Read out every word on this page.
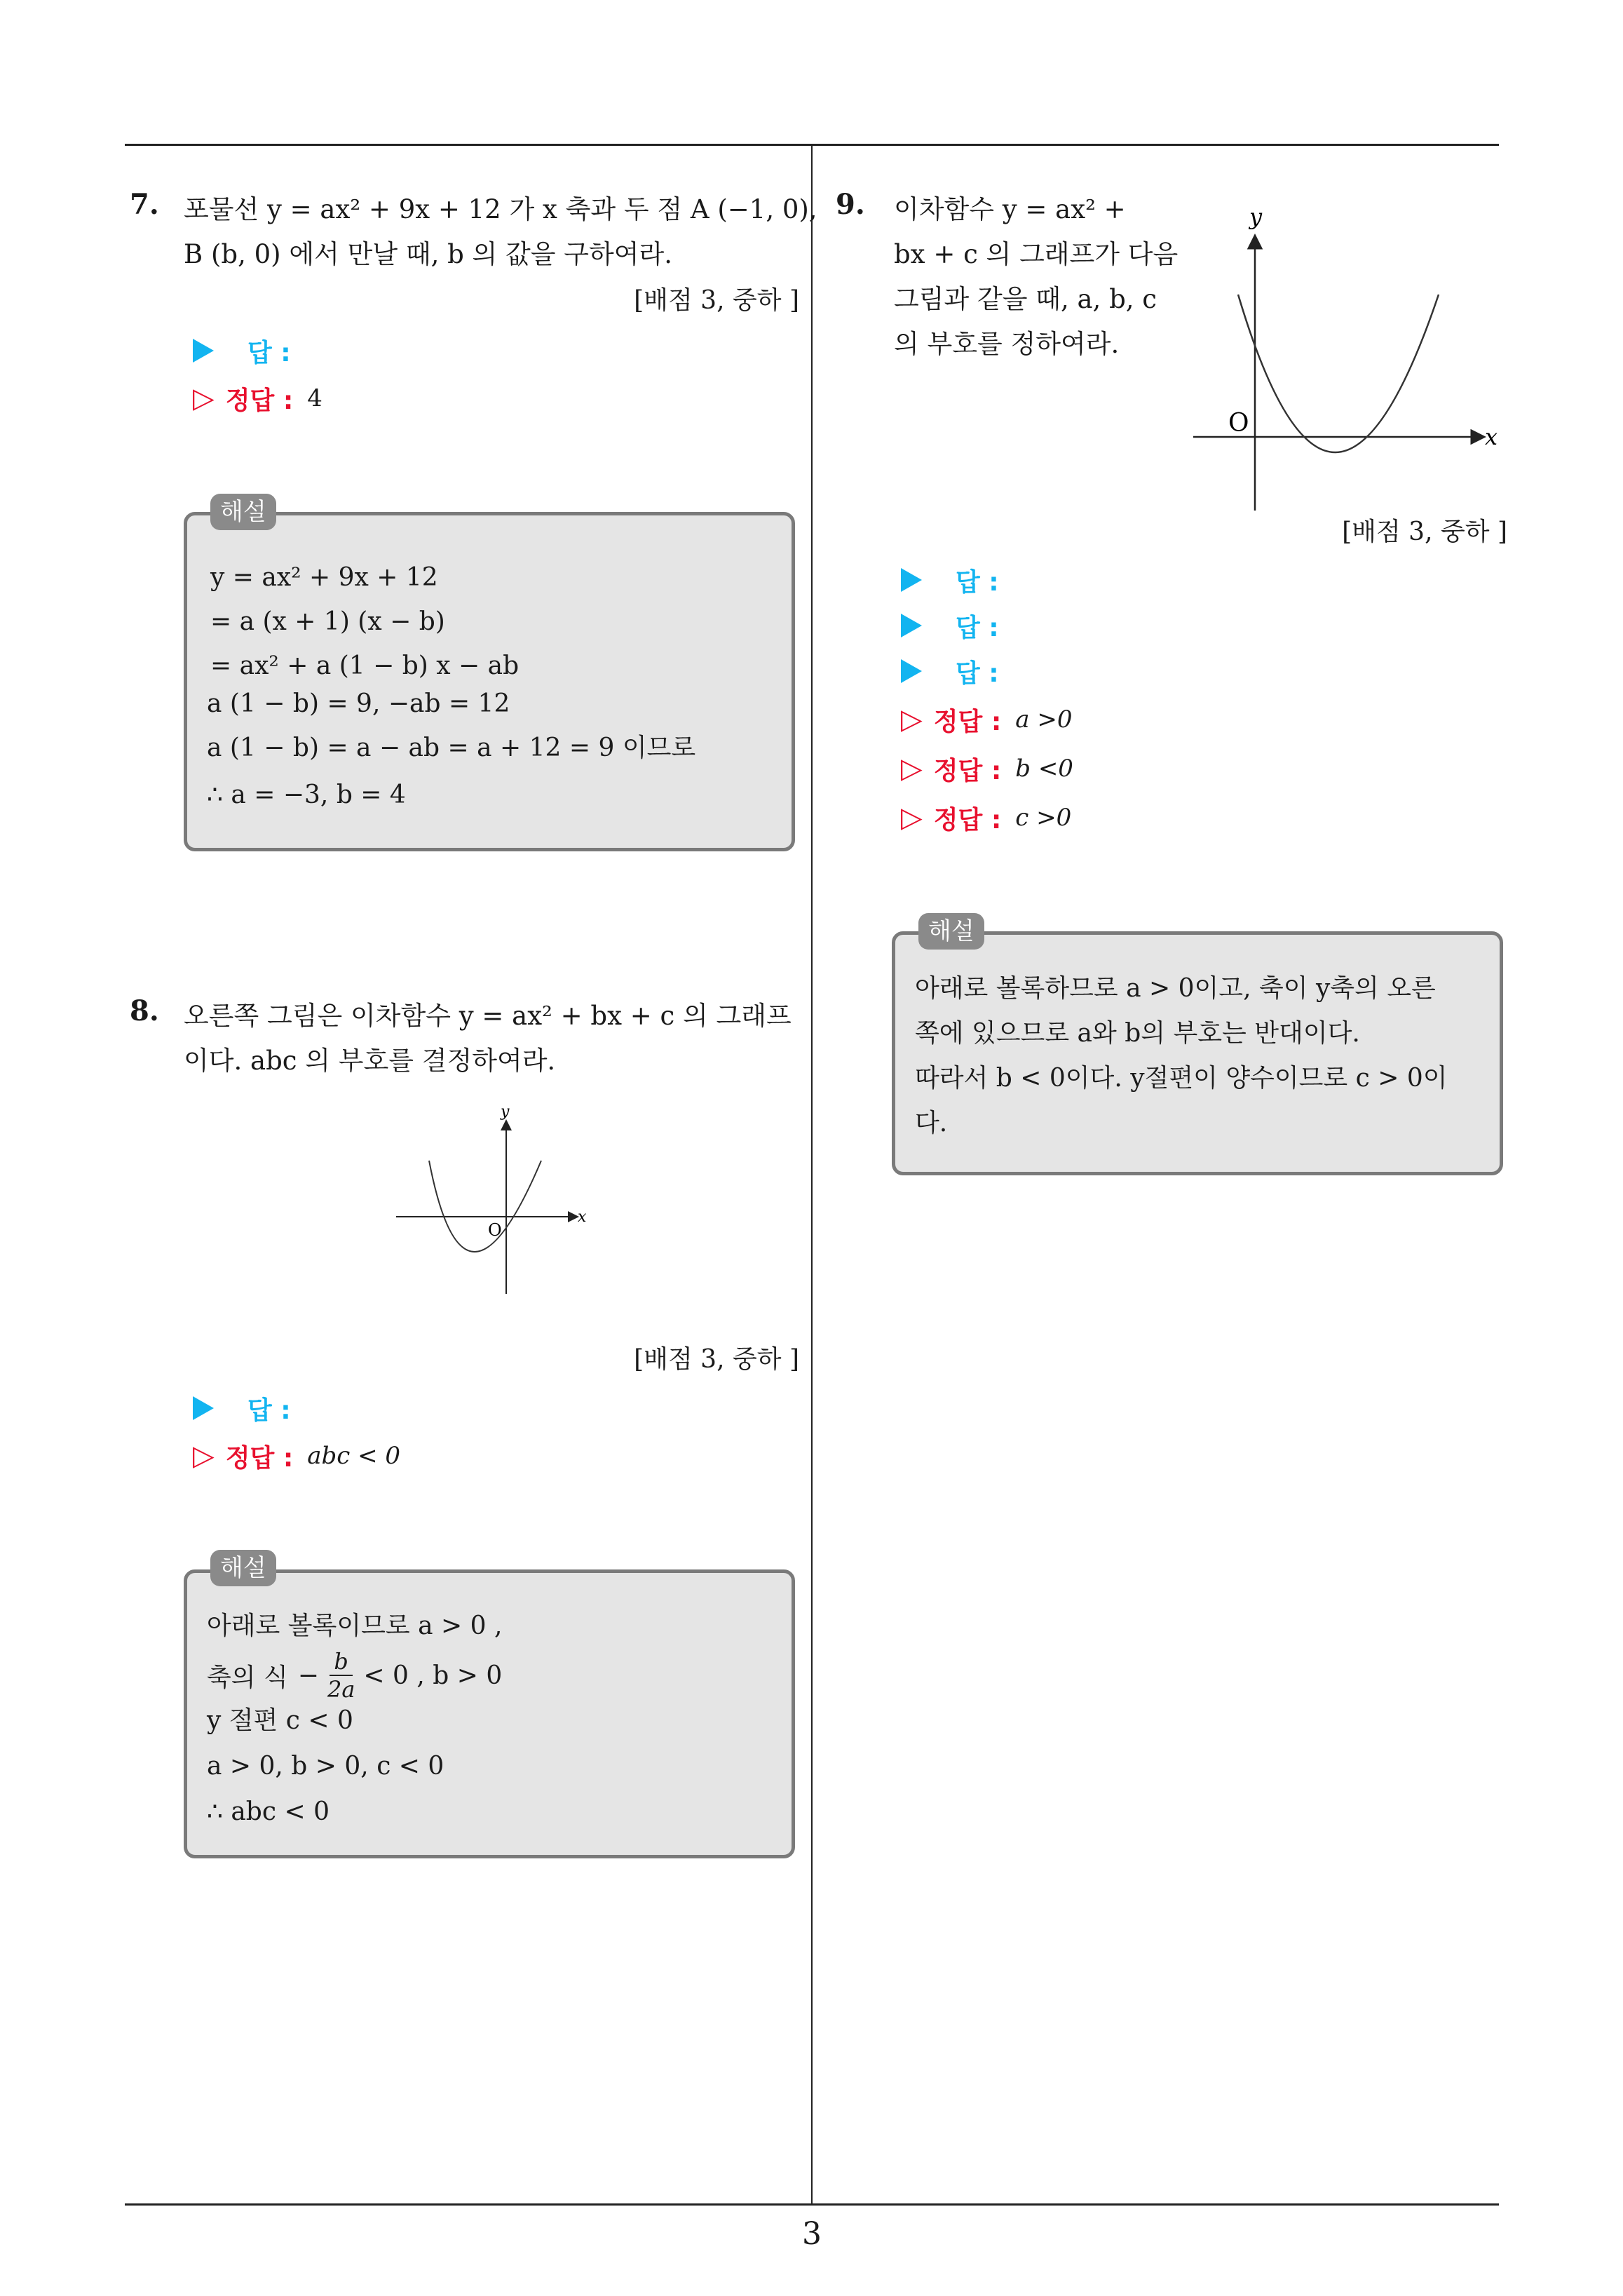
3
7. 포물선 y = ax² + 9x + 12 가 x 축과 두 점 A (−1, 0),
B (b, 0) 에서 만날 때, b 의 값을 구하여라.
[배점 3, 중하 ]
답 :
▷ 정답 : 4
해설
y = ax² + 9x + 12
= a (x + 1) (x − b)
= ax² + a (1 − b) x − ab
a (1 − b) = 9, −ab = 12
a (1 − b) = a − ab = a + 12 = 9 이므로
∴ a = −3, b = 4
8. 오른쪽 그림은 이차함수 y = ax² + bx + c 의 그래프
이다. abc 의 부호를 결정하여라.
y
x
O
[배점 3, 중하 ]
답 :
▷ 정답 : abc < 0
해설
아래로 볼록이므로 a > 0 ,
축의 식 − $\frac{b}{2a} < 0$ , b > 0
y 절편 c < 0
a > 0, b > 0, c < 0
∴ abc < 0
9. 이차함수 y = ax² +
bx + c 의 그래프가 다음
그림과 같을 때, a, b, c
의 부호를 정하여라.
y
x
O
[배점 3, 중하 ]
답 :
답 :
답 :
▷ 정답 : a >0
▷ 정답 : b <0
▷ 정답 : c >0
해설
아래로 볼록하므로 a > 0이고, 축이 y축의 오른
쪽에 있으므로 a와 b의 부호는 반대이다.
따라서 b < 0이다. y절편이 양수이므로 c > 0이
다.
